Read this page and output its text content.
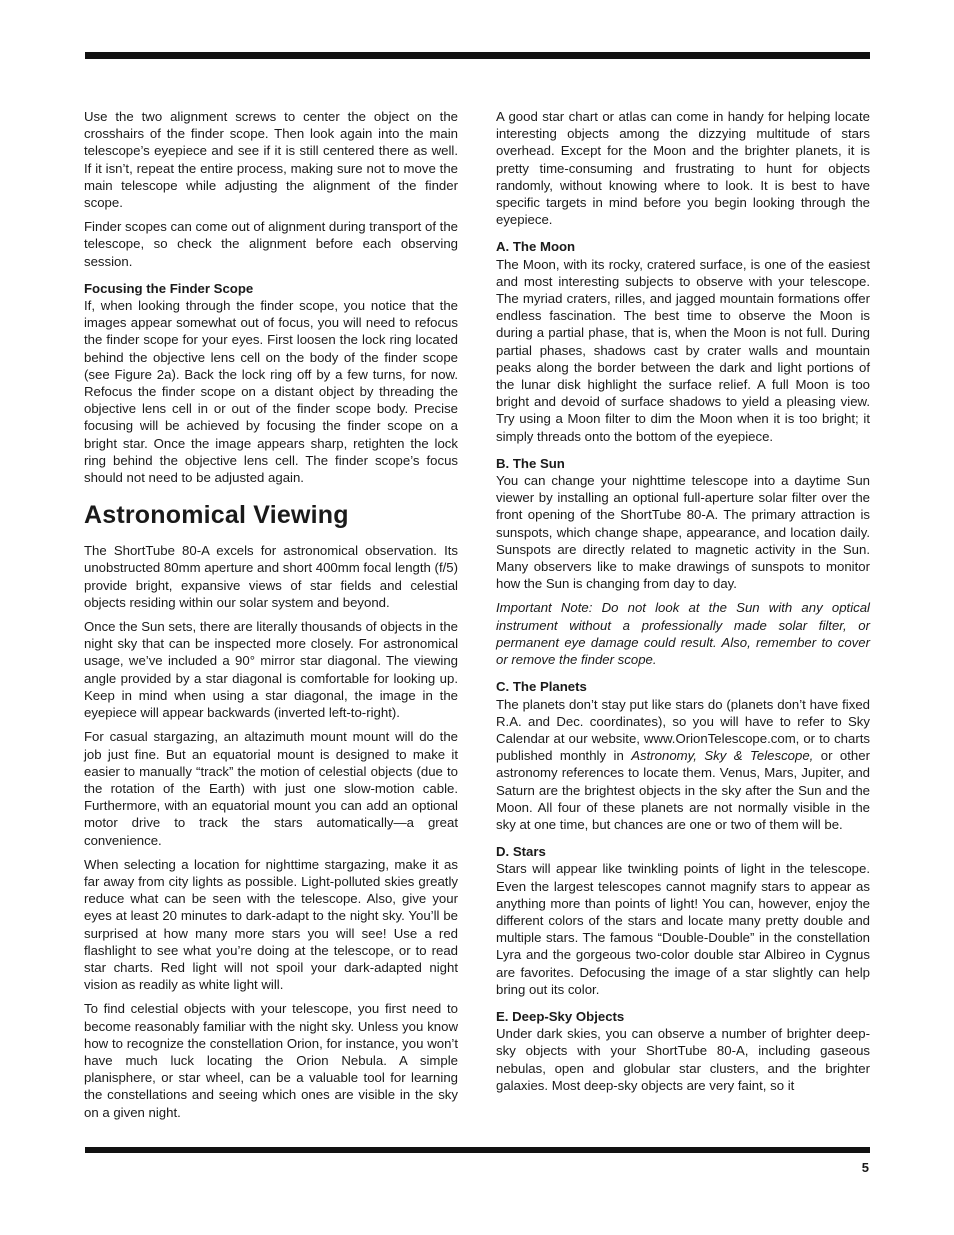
Use the two alignment screws to center the object on the crosshairs of the finder scope. Then look again into the main telescope’s eyepiece and see if it is still centered there as well. If it isn’t, repeat the entire process, making sure not to move the main telescope while adjusting the alignment of the finder scope.

Finder scopes can come out of alignment during transport of the telescope, so check the alignment before each observing session.

Focusing the Finder Scope

If, when looking through the finder scope, you notice that the images appear somewhat out of focus, you will need to refocus the finder scope for your eyes. First loosen the lock ring located behind the objective lens cell on the body of the finder scope (see Figure 2a). Back the lock ring off by a few turns, for now. Refocus the finder scope on a distant object by threading the objective lens cell in or out of the finder scope body. Precise focusing will be achieved by focusing the finder scope on a bright star. Once the image appears sharp, retighten the lock ring behind the objective lens cell. The finder scope’s focus should not need to be adjusted again.

Astronomical Viewing

The ShortTube 80-A excels for astronomical observation. Its unobstructed 80mm aperture and short 400mm focal length (f/5) provide bright, expansive views of star fields and celestial objects residing within our solar system and beyond.

Once the Sun sets, there are literally thousands of objects in the night sky that can be inspected more closely. For astronomical usage, we’ve included a 90° mirror star diagonal. The viewing angle provided by a star diagonal is comfortable for looking up. Keep in mind when using a star diagonal, the image in the eyepiece will appear backwards (inverted left-to-right).

For casual stargazing, an altazimuth mount mount will do the job just fine. But an equatorial mount is designed to make it easier to manually “track” the motion of celestial objects (due to the rotation of the Earth) with just one slow-motion cable. Furthermore, with an equatorial mount you can add an optional motor drive to track the stars automatically—a great convenience.

When selecting a location for nighttime stargazing, make it as far away from city lights as possible. Light-polluted skies greatly reduce what can be seen with the telescope. Also, give your eyes at least 20 minutes to dark-adapt to the night sky. You’ll be surprised at how many more stars you will see! Use a red flashlight to see what you’re doing at the telescope, or to read star charts. Red light will not spoil your dark-adapted night vision as readily as white light will.

To find celestial objects with your telescope, you first need to become reasonably familiar with the night sky. Unless you know how to recognize the constellation Orion, for instance, you won’t have much luck locating the Orion Nebula. A simple planisphere, or star wheel, can be a valuable tool for learning the constellations and seeing which ones are visible in the sky on a given night.

A good star chart or atlas can come in handy for helping locate interesting objects among the dizzying multitude of stars overhead. Except for the Moon and the brighter planets, it is pretty time-consuming and frustrating to hunt for objects randomly, without knowing where to look. It is best to have specific targets in mind before you begin looking through the eyepiece.

A. The Moon

The Moon, with its rocky, cratered surface, is one of the easiest and most interesting subjects to observe with your telescope. The myriad craters, rilles, and jagged mountain formations offer endless fascination. The best time to observe the Moon is during a partial phase, that is, when the Moon is not full. During partial phases, shadows cast by crater walls and mountain peaks along the border between the dark and light portions of the lunar disk highlight the surface relief. A full Moon is too bright and devoid of surface shadows to yield a pleasing view. Try using a Moon filter to dim the Moon when it is too bright; it simply threads onto the bottom of the eyepiece.

B. The Sun

You can change your nighttime telescope into a daytime Sun viewer by installing an optional full-aperture solar filter over the front opening of the ShortTube 80-A. The primary attraction is sunspots, which change shape, appearance, and location daily. Sunspots are directly related to magnetic activity in the Sun. Many observers like to make drawings of sunspots to monitor how the Sun is changing from day to day.

Important Note: Do not look at the Sun with any optical instrument without a professionally made solar filter, or permanent eye damage could result. Also, remember to cover or remove the finder scope.

C. The Planets

The planets don’t stay put like stars do (planets don’t have fixed R.A. and Dec. coordinates), so you will have to refer to Sky Calendar at our website, www.OrionTelescope.com, or to charts published monthly in Astronomy, Sky & Telescope, or other astronomy references to locate them. Venus, Mars, Jupiter, and Saturn are the brightest objects in the sky after the Sun and the Moon. All four of these planets are not normally visible in the sky at one time, but chances are one or two of them will be.

D. Stars

Stars will appear like twinkling points of light in the telescope. Even the largest telescopes cannot magnify stars to appear as anything more than points of light! You can, however, enjoy the different colors of the stars and locate many pretty double and multiple stars. The famous “Double-Double” in the constellation Lyra and the gorgeous two-color double star Albireo in Cygnus are favorites. Defocusing the image of a star slightly can help bring out its color.

E. Deep-Sky Objects

Under dark skies, you can observe a number of brighter deep-sky objects with your ShortTube 80-A, including gaseous nebulas, open and globular star clusters, and the brighter galaxies. Most deep-sky objects are very faint, so it

5
